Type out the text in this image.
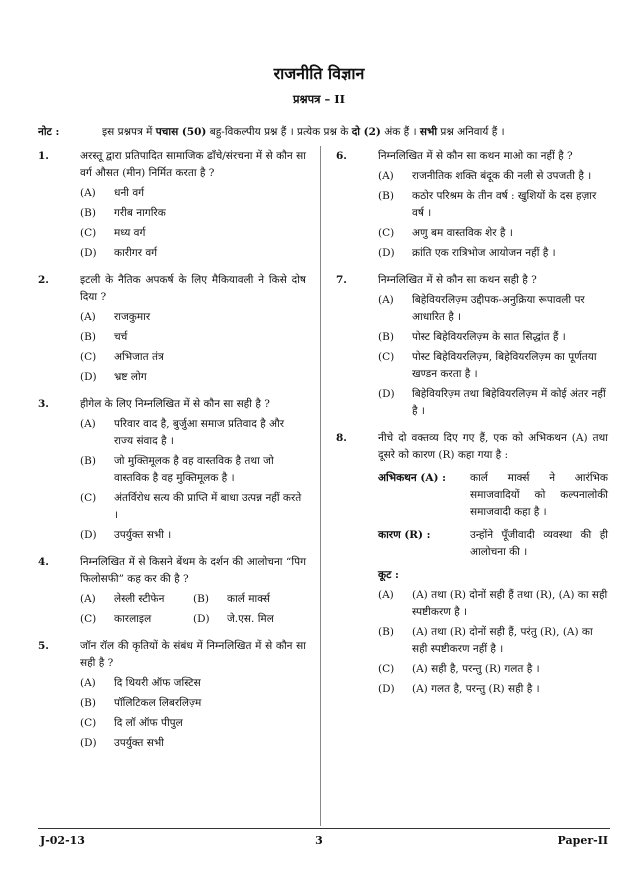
राजनीति विज्ञान
प्रश्नपत्र – II
नोट :	इस प्रश्नपत्र में पचास (50) बहु-विकल्पीय प्रश्न हैं । प्रत्येक प्रश्न के दो (2) अंक हैं । सभी प्रश्न अनिवार्य हैं ।
1.	अरस्तू द्वारा प्रतिपादित सामाजिक ढाँचे/संरचना में से कौन सा वर्ग औसत (मीन) निर्मित करता है ?
(A)	धनी वर्ग
(B)	गरीब नागरिक
(C)	मध्य वर्ग
(D)	कारीगर वर्ग
2.	इटली के नैतिक अपकर्ष के लिए मैकियावली ने किसे दोष दिया ?
(A)	राजकुमार
(B)	चर्च
(C)	अभिजात तंत्र
(D)	भ्रष्ट लोग
3.	हीगेल के लिए निम्नलिखित में से कौन सा सही है ?
(A)	परिवार वाद है, बुर्जुआ समाज प्रतिवाद है और राज्य संवाद है ।
(B)	जो मुक्तिमूलक है वह वास्तविक है तथा जो वास्तविक है वह मुक्तिमूलक है ।
(C)	अंतर्विरोध सत्य की प्राप्ति में बाधा उत्पन्न नहीं करते ।
(D)	उपर्युक्त सभी ।
4.	निम्नलिखित में से किसने बेंथम के दर्शन की आलोचना “पिग फिलोसफी” कह कर की है ?
(A)	लेस्ली स्टीफेन	(B)	कार्ल मार्क्स
(C)	कारलाइल	(D)	जे.एस. मिल
5.	जॉन रॉल की कृतियों के संबंध में निम्नलिखित में से कौन सा सही है ?
(A)	दि थियरी ऑफ जस्टिस
(B)	पॉलिटिकल लिबरलिज़्म
(C)	दि लॉ ऑफ पीपुल
(D)	उपर्युक्त सभी
6.	निम्नलिखित में से कौन सा कथन माओ का नहीं है ?
(A)	राजनीतिक शक्ति बंदूक की नली से उपजती है ।
(B)	कठोर परिश्रम के तीन वर्ष : खुशियों के दस हज़ार वर्ष ।
(C)	अणु बम वास्तविक शेर है ।
(D)	क्रांति एक रात्रिभोज आयोजन नहीं है ।
7.	निम्नलिखित में से कौन सा कथन सही है ?
(A)	बिहेवियरलिज़्म उद्दीपक-अनुक्रिया रूपावली पर आधारित है ।
(B)	पोस्ट बिहेवियरलिज़्म के सात सिद्धांत हैं ।
(C)	पोस्ट बिहेवियरलिज़्म, बिहेवियरलिज़्म का पूर्णतया खण्डन करता है ।
(D)	बिहेवियरिज़्म तथा बिहेवियरलिज़्म में कोई अंतर नहीं है ।
8.	नीचे दो वक्तव्य दिए गए हैं, एक को अभिकथन (A) तथा दूसरे को कारण (R) कहा गया है :
अभिकथन (A) :	कार्ल मार्क्स ने आरंभिक समाजवादियों को कल्पनालोकी समाजवादी कहा है ।
कारण (R) :	उन्होंने पूँजीवादी व्यवस्था की ही आलोचना की ।
कूट :
(A)	(A) तथा (R) दोनों सही हैं तथा (R), (A) का सही स्पष्टीकरण है ।
(B)	(A) तथा (R) दोनों सही हैं, परंतु (R), (A) का सही स्पष्टीकरण नहीं है ।
(C)	(A) सही है, परन्तु (R) गलत है ।
(D)	(A) गलत है, परन्तु (R) सही है ।
J-02-13	3	Paper-II
